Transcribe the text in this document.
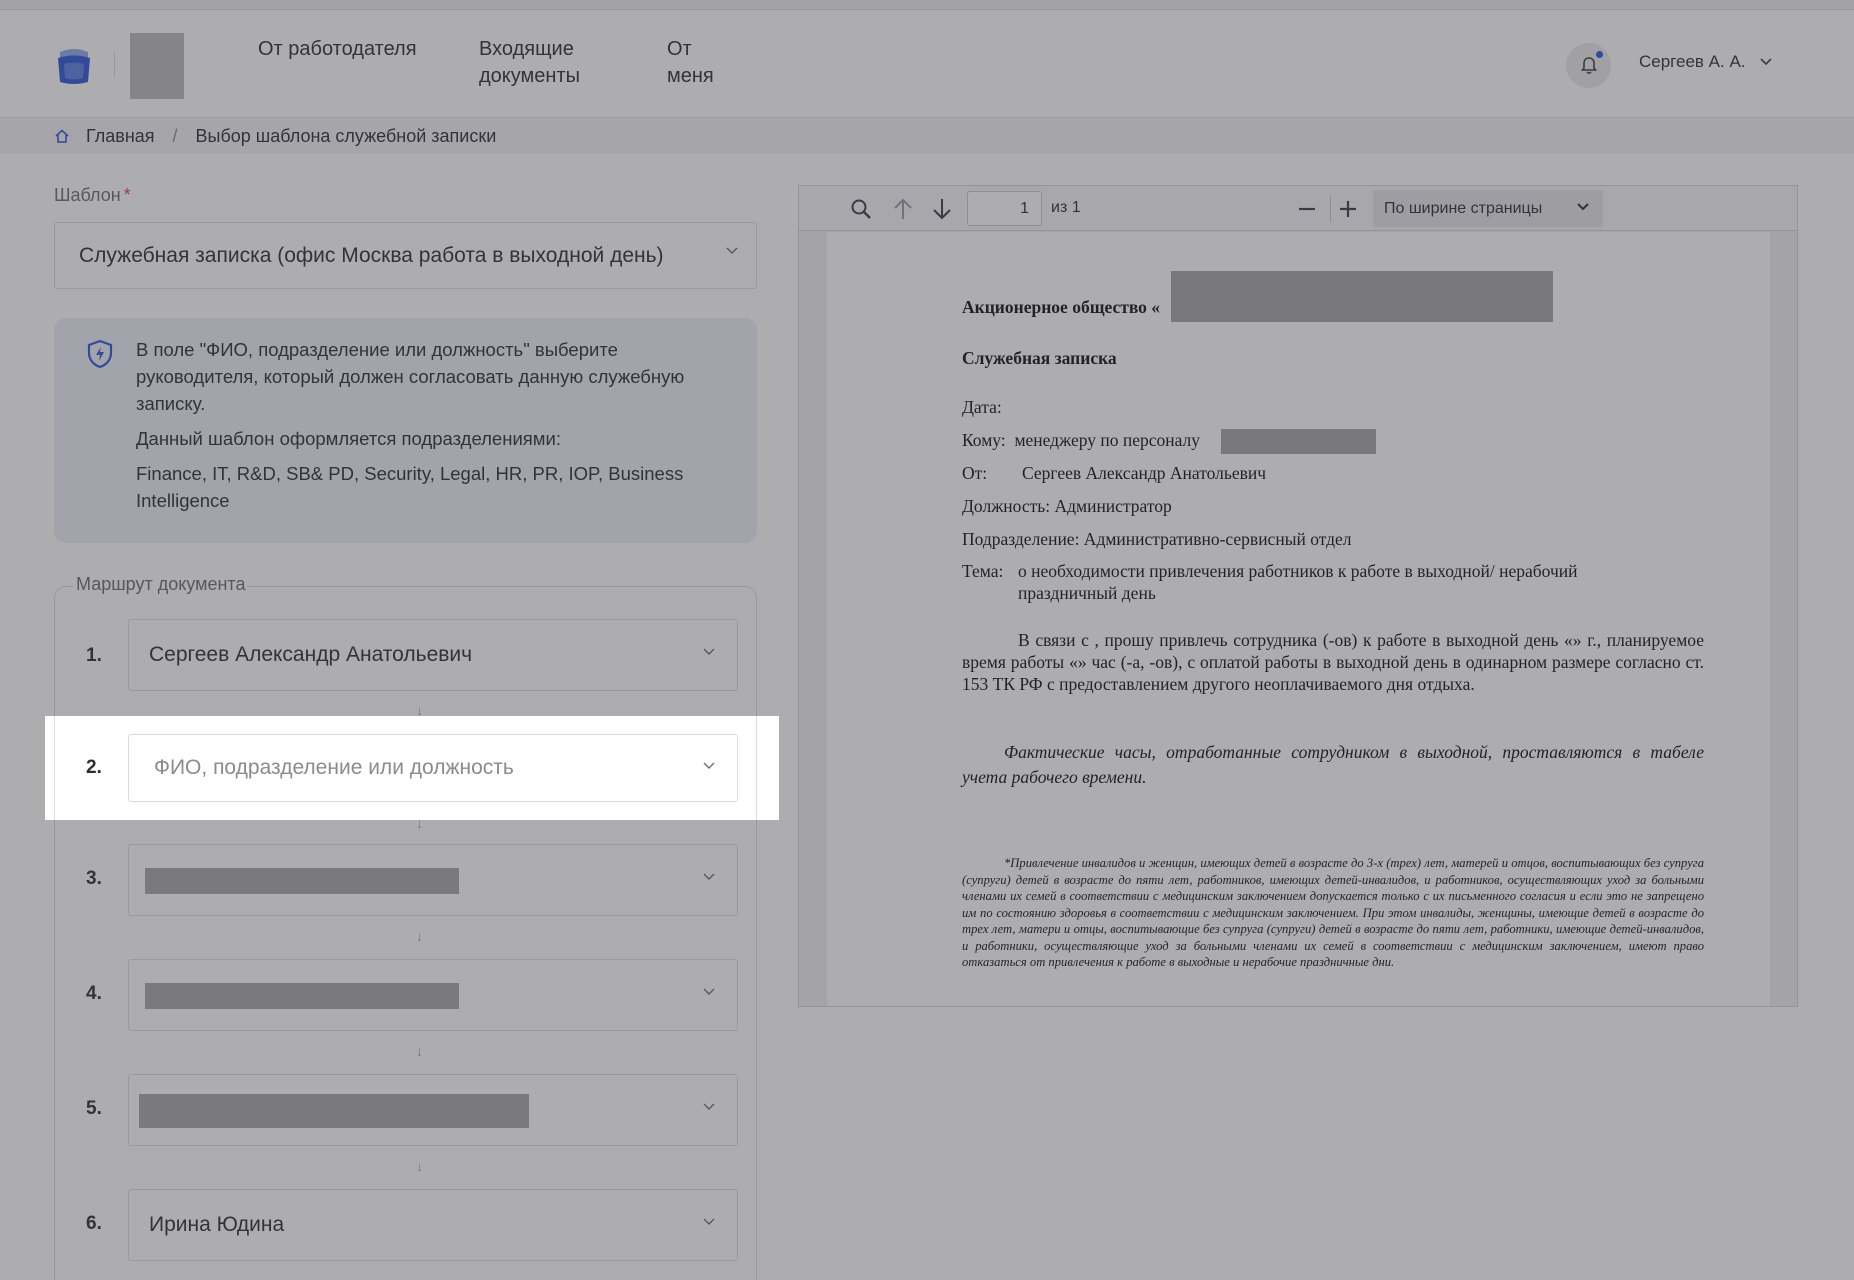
От работодателя	Входящие документы
От меня
Сергеев А. А.
Главная / Выбор шаблона служебной записки
Шаблон *
Служебная записка (офис Москва работа в выходной день)

В поле "ФИО, подразделение или должность" выберите руководителя, который должен согласовать данную служебную записку.

Данный шаблон оформляется подразделениями:

Finance, IT, R&D, SB& PD, Security, Legal, HR, PR, IOP, Business Intelligence

Маршрут документа
1. Сергеев Александр Анатольевич
↓
2. ФИО, подразделение или должность
↓
3.
↓
4.
↓
5.
↓
6. Ирина Юдина
1
из 1	По ширине страницы
Акционерное общество «
Служебная записка
Дата:
Кому: менеджеру по персоналу
От: Сергеев Александр Анатольевич
Должность: Администратор
Подразделение: Административно-сервисный отдел
Тема: о необходимости привлечения работников к работе в выходной/ нерабочий праздничный день
В связи с , прошу привлечь сотрудника (-ов) к работе в выходной день «» г., планируемое время работы «» час (-а, -ов), с оплатой работы в выходной день в одинарном размере согласно ст. 153 ТК РФ с предоставлением другого неоплачиваемого дня отдыха.
Фактические часы, отработанные сотрудником в выходной, проставляются в табеле учета рабочего времени.
*Привлечение инвалидов и женщин, имеющих детей в возрасте до 3-х (трех) лет, матерей и отцов, воспитывающих без супруга (супруги) детей в возрасте до пяти лет, работников, имеющих детей-инвалидов, и работников, осуществляющих уход за больными членами их семей в соответствии с медицинским заключением допускается только с их письменного согласия и если это не запрещено им по состоянию здоровья в соответствии с медицинским заключением. При этом инвалиды, женщины, имеющие детей в возрасте до трех лет, матери и отцы, воспитывающие без супруга (супруги) детей в возрасте до пяти лет, работники, имеющие детей-инвалидов, и работники, осуществляющие уход за больными членами их семей в соответствии с медицинским заключением, имеют право отказаться от привлечения к работе в выходные и нерабочие праздничные дни.
